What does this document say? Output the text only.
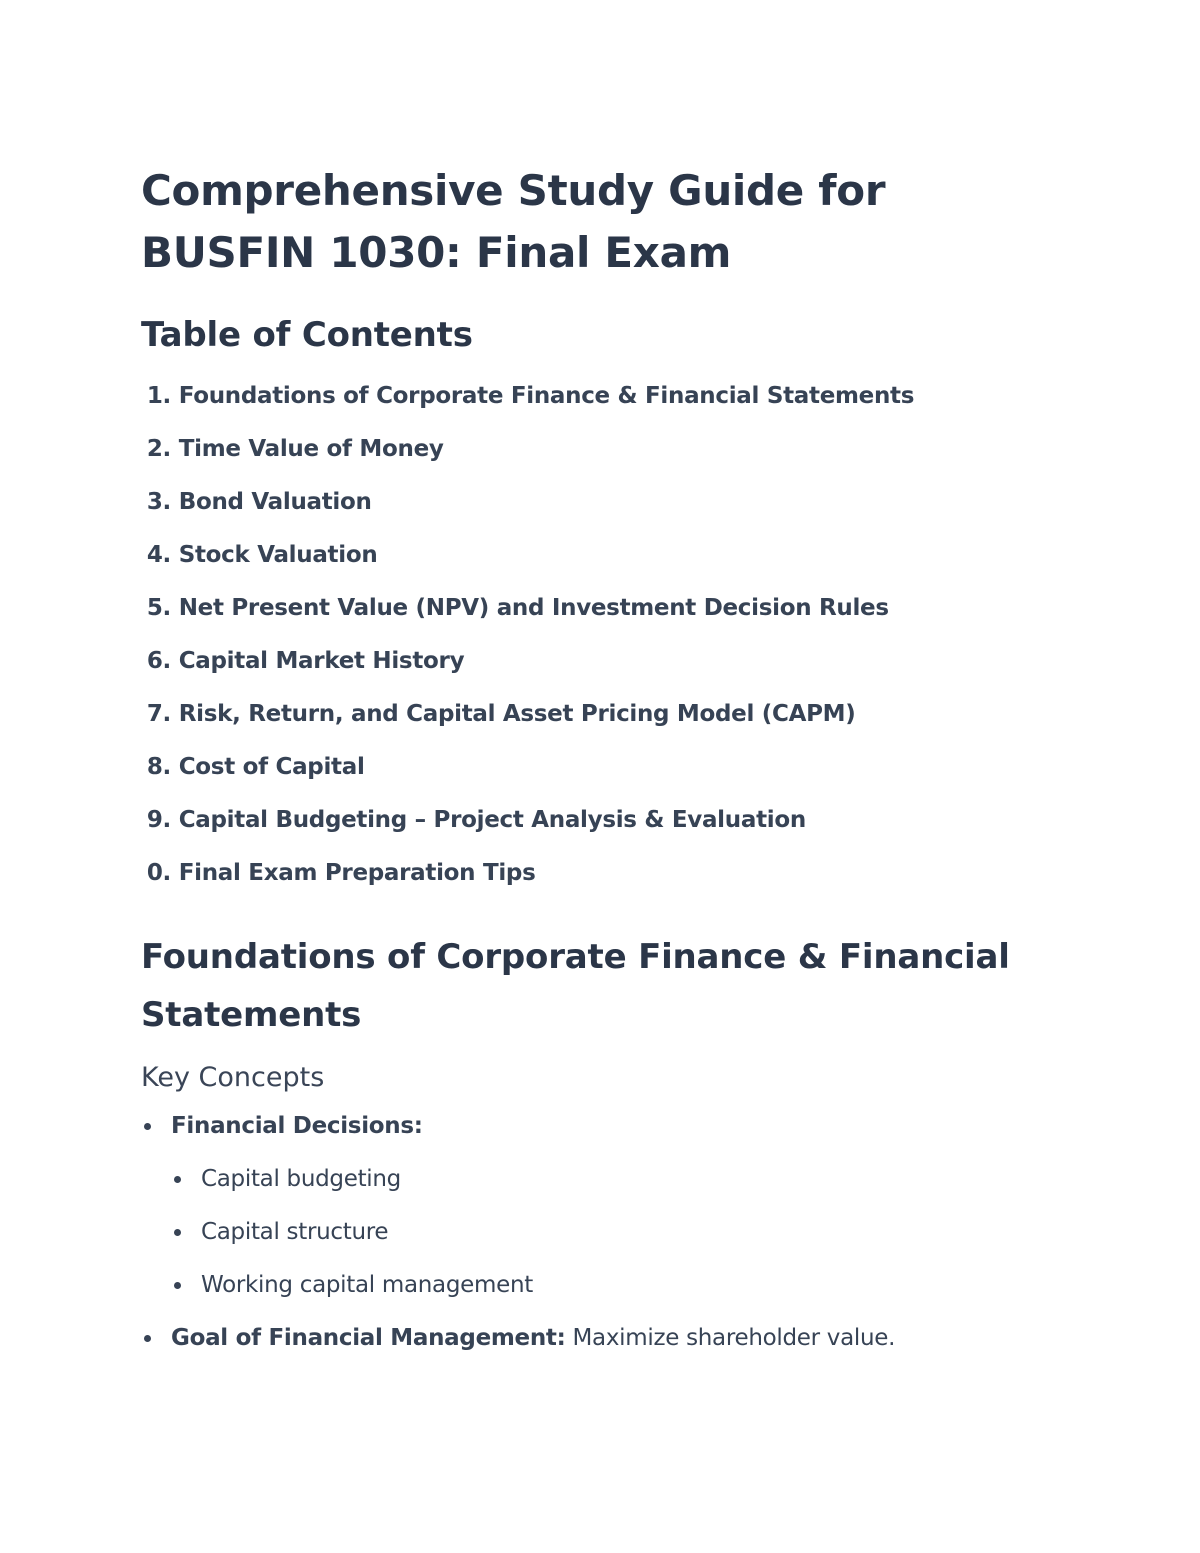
Comprehensive Study Guide for BUSFIN 1030: Final Exam
Table of Contents
1.
Foundations of Corporate Finance & Financial Statements
2.
Time Value of Money
3.
Bond Valuation
4.
Stock Valuation
5.
Net Present Value (NPV) and Investment Decision Rules
6.
Capital Market History
7.
Risk, Return, and Capital Asset Pricing Model (CAPM)
8.
Cost of Capital
9.
Capital Budgeting – Project Analysis & Evaluation
0.
Final Exam Preparation Tips
Foundations of Corporate Finance & Financial Statements
Key Concepts
Financial Decisions:
Capital budgeting
Capital structure
Working capital management
Goal of Financial Management: Maximize shareholder value.
